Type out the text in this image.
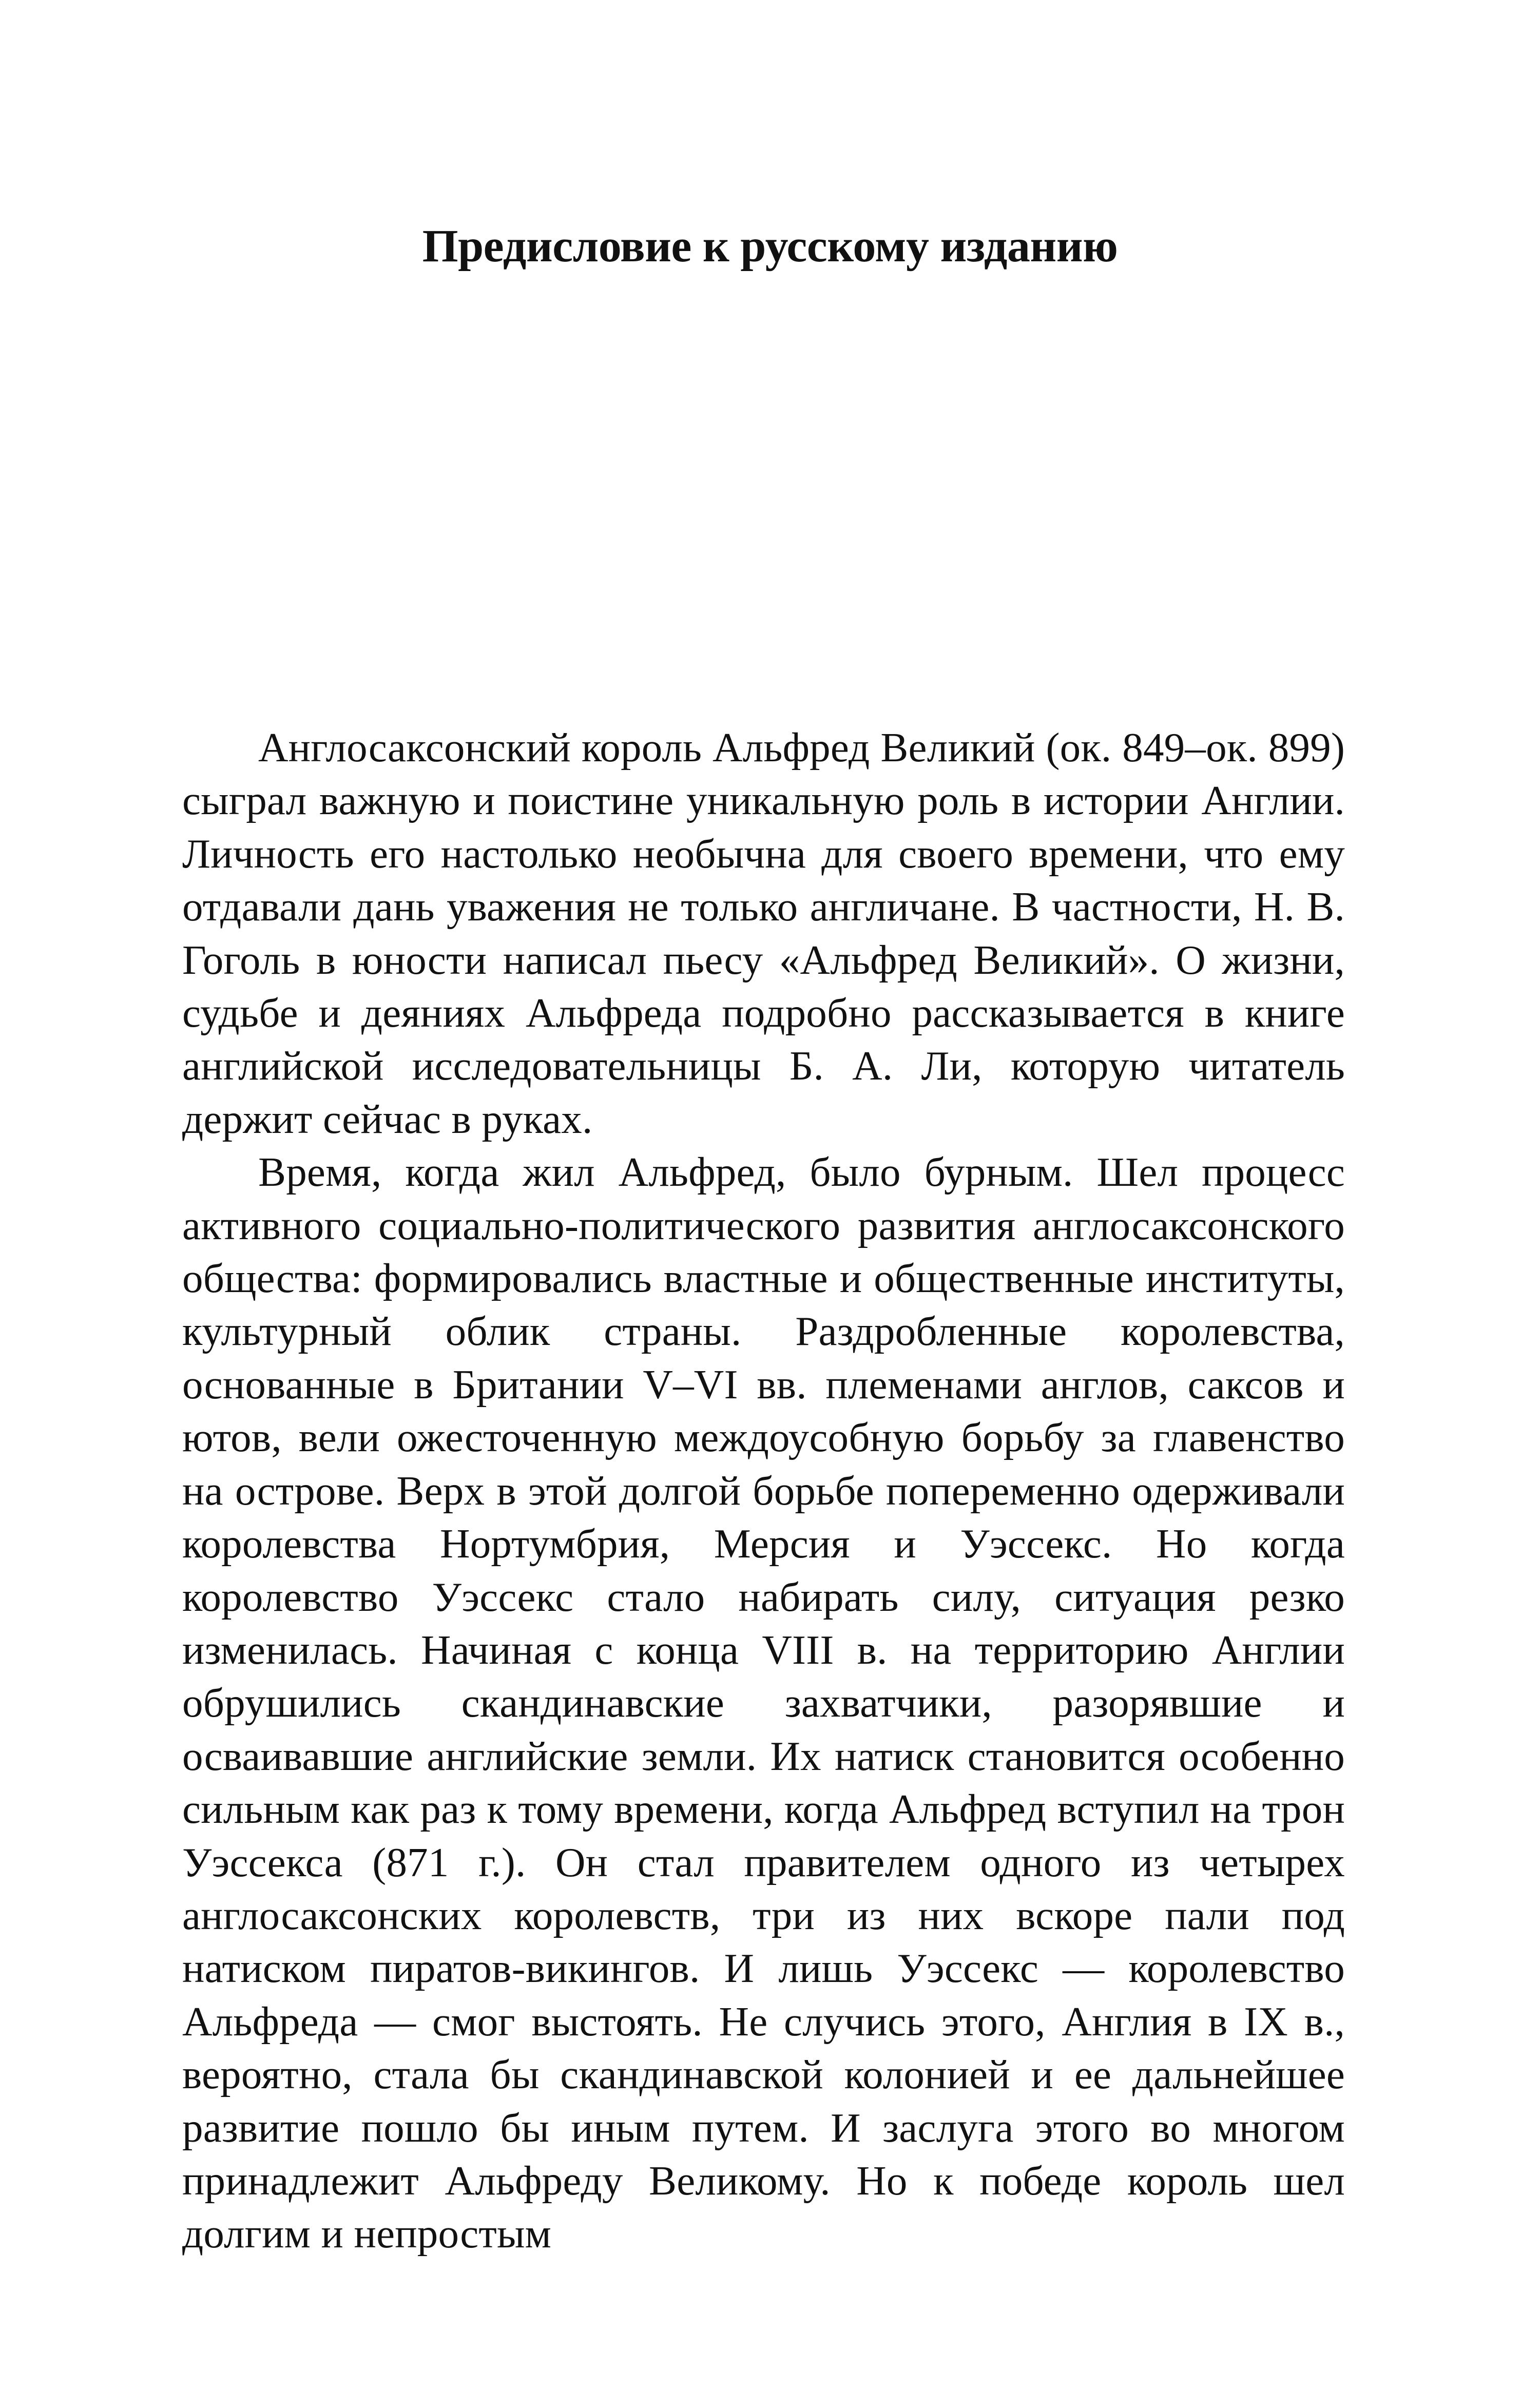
Предисловие к русскому изданию

Англосаксонский король Альфред Великий (ок. 849–ок. 899) сыграл важную и поистине уникальную роль в истории Англии. Личность его настолько необычна для своего времени, что ему отдавали дань уважения не только англичане. В частности, Н. В. Гоголь в юности написал пьесу «Альфред Великий». О жизни, судьбе и деяниях Альфреда подробно рассказывается в книге английской исследовательницы Б. А. Ли, которую читатель держит сейчас в руках.

Время, когда жил Альфред, было бурным. Шел процесс активного социально-политического развития англосаксонского общества: формировались властные и общественные институты, культурный облик страны. Раздробленные королевства, основанные в Британии V–VI вв. племенами англов, саксов и ютов, вели ожесточенную междоусобную борьбу за главенство на острове. Верх в этой долгой борьбе попеременно одерживали королевства Нортумбрия, Мерсия и Уэссекс. Но когда королевство Уэссекс стало набирать силу, ситуация резко изменилась. Начиная с конца VIII в. на территорию Англии обрушились скандинавские захватчики, разорявшие и осваивавшие английские земли. Их натиск становится особенно сильным как раз к тому времени, когда Альфред вступил на трон Уэссекса (871 г.). Он стал правителем одного из четырех англосаксонских королевств, три из них вскоре пали под натиском пиратов-викингов. И лишь Уэссекс — королевство Альфреда — смог выстоять. Не случись этого, Англия в IX в., вероятно, стала бы скандинавской колонией и ее дальнейшее развитие пошло бы иным путем. И заслуга этого во многом принадлежит Альфреду Великому. Но к победе король шел долгим и непростым
